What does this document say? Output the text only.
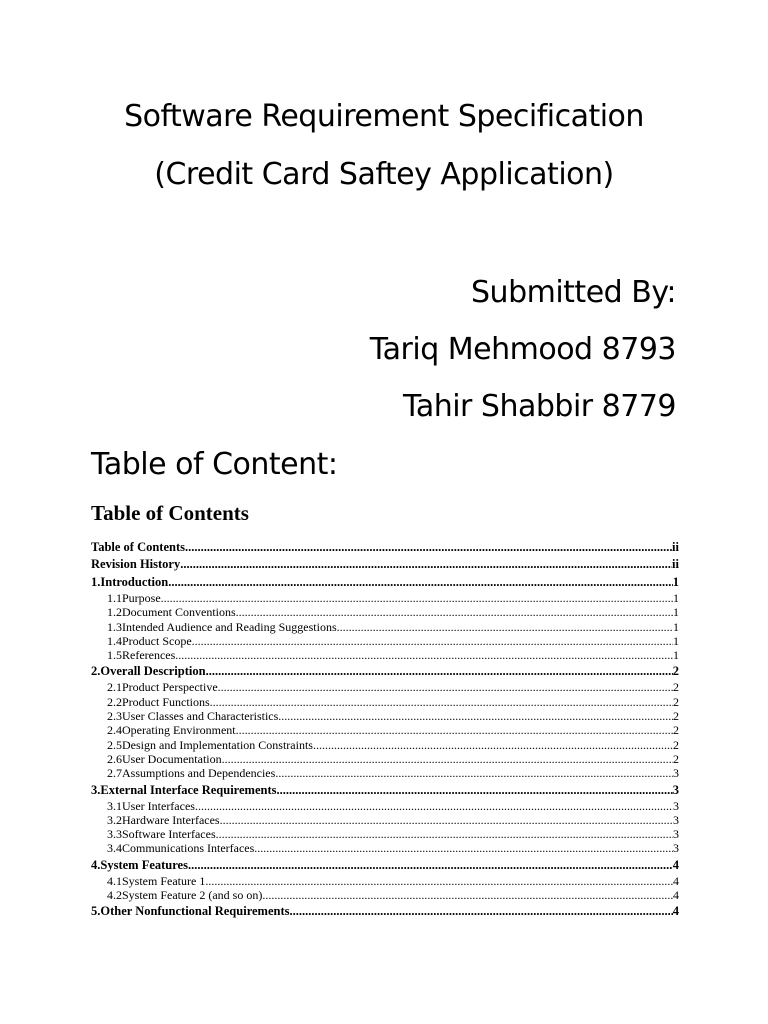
Software Requirement Specification
(Credit Card Saftey Application)
Submitted By:
Tariq Mehmood 8793
Tahir Shabbir 8779
Table of Content:
Table of Contents
Table of Contents .....	ii
Revision History .....	ii
1. Introduction .....	1
1.1 Purpose .....	1
1.2 Document Conventions .....	1
1.3 Intended Audience and Reading Suggestions .....	1
1.4 Product Scope .....	1
1.5 References .....	1
2. Overall Description .....	2
2.1 Product Perspective .....	2
2.2 Product Functions .....	2
2.3 User Classes and Characteristics .....	2
2.4 Operating Environment .....	2
2.5 Design and Implementation Constraints .....	2
2.6 User Documentation .....	2
2.7 Assumptions and Dependencies .....	3
3. External Interface Requirements .....	3
3.1 User Interfaces .....	3
3.2 Hardware Interfaces .....	3
3.3 Software Interfaces .....	3
3.4 Communications Interfaces .....	3
4. System Features .....	4
4.1 System Feature 1 .....	4
4.2 System Feature 2 (and so on) .....	4
5. Other Nonfunctional Requirements .....	4
